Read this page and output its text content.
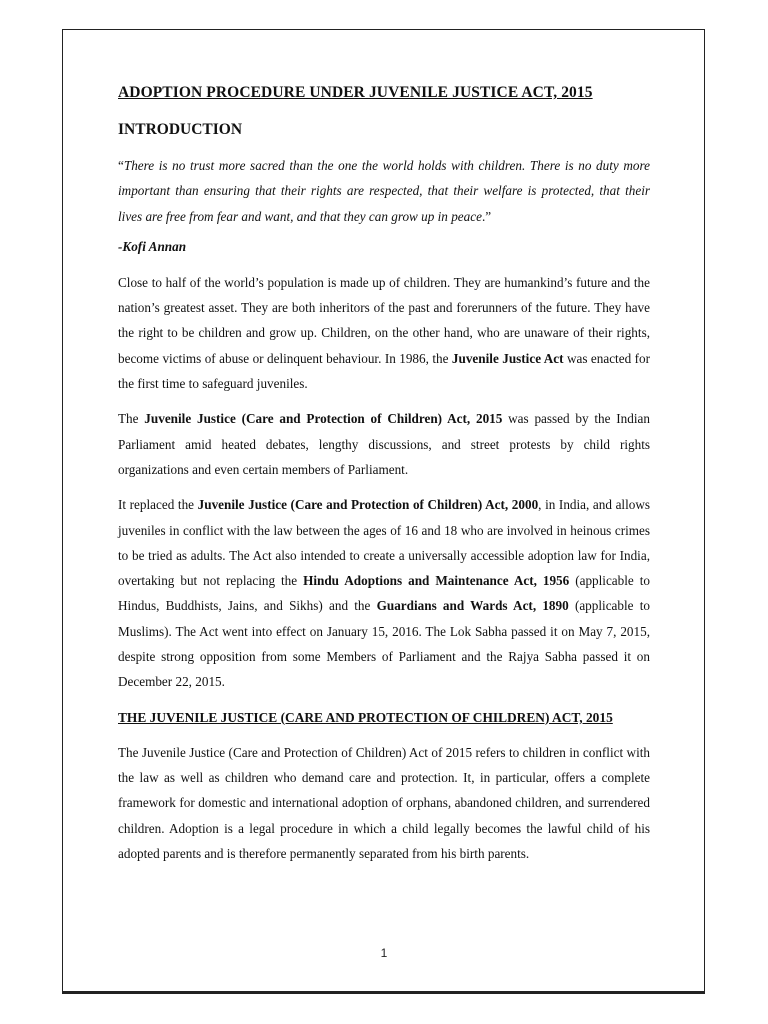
ADOPTION PROCEDURE UNDER JUVENILE JUSTICE ACT, 2015
INTRODUCTION

“There is no trust more sacred than the one the world holds with children. There is no duty more important than ensuring that their rights are respected, that their welfare is protected, that their lives are free from fear and want, and that they can grow up in peace.”

-Kofi Annan

Close to half of the world’s population is made up of children. They are humankind’s future and the nation’s greatest asset. They are both inheritors of the past and forerunners of the future. They have the right to be children and grow up. Children, on the other hand, who are unaware of their rights, become victims of abuse or delinquent behaviour. In 1986, the Juvenile Justice Act was enacted for the first time to safeguard juveniles.

The Juvenile Justice (Care and Protection of Children) Act, 2015 was passed by the Indian Parliament amid heated debates, lengthy discussions, and street protests by child rights organizations and even certain members of Parliament.

It replaced the Juvenile Justice (Care and Protection of Children) Act, 2000, in India, and allows juveniles in conflict with the law between the ages of 16 and 18 who are involved in heinous crimes to be tried as adults. The Act also intended to create a universally accessible adoption law for India, overtaking but not replacing the Hindu Adoptions and Maintenance Act, 1956 (applicable to Hindus, Buddhists, Jains, and Sikhs) and the Guardians and Wards Act, 1890 (applicable to Muslims). The Act went into effect on January 15, 2016. The Lok Sabha passed it on May 7, 2015, despite strong opposition from some Members of Parliament and the Rajya Sabha passed it on December 22, 2015.

THE JUVENILE JUSTICE (CARE AND PROTECTION OF CHILDREN) ACT, 2015

The Juvenile Justice (Care and Protection of Children) Act of 2015 refers to children in conflict with the law as well as children who demand care and protection. It, in particular, offers a complete framework for domestic and international adoption of orphans, abandoned children, and surrendered children. Adoption is a legal procedure in which a child legally becomes the lawful child of his adopted parents and is therefore permanently separated from his birth parents.

1
